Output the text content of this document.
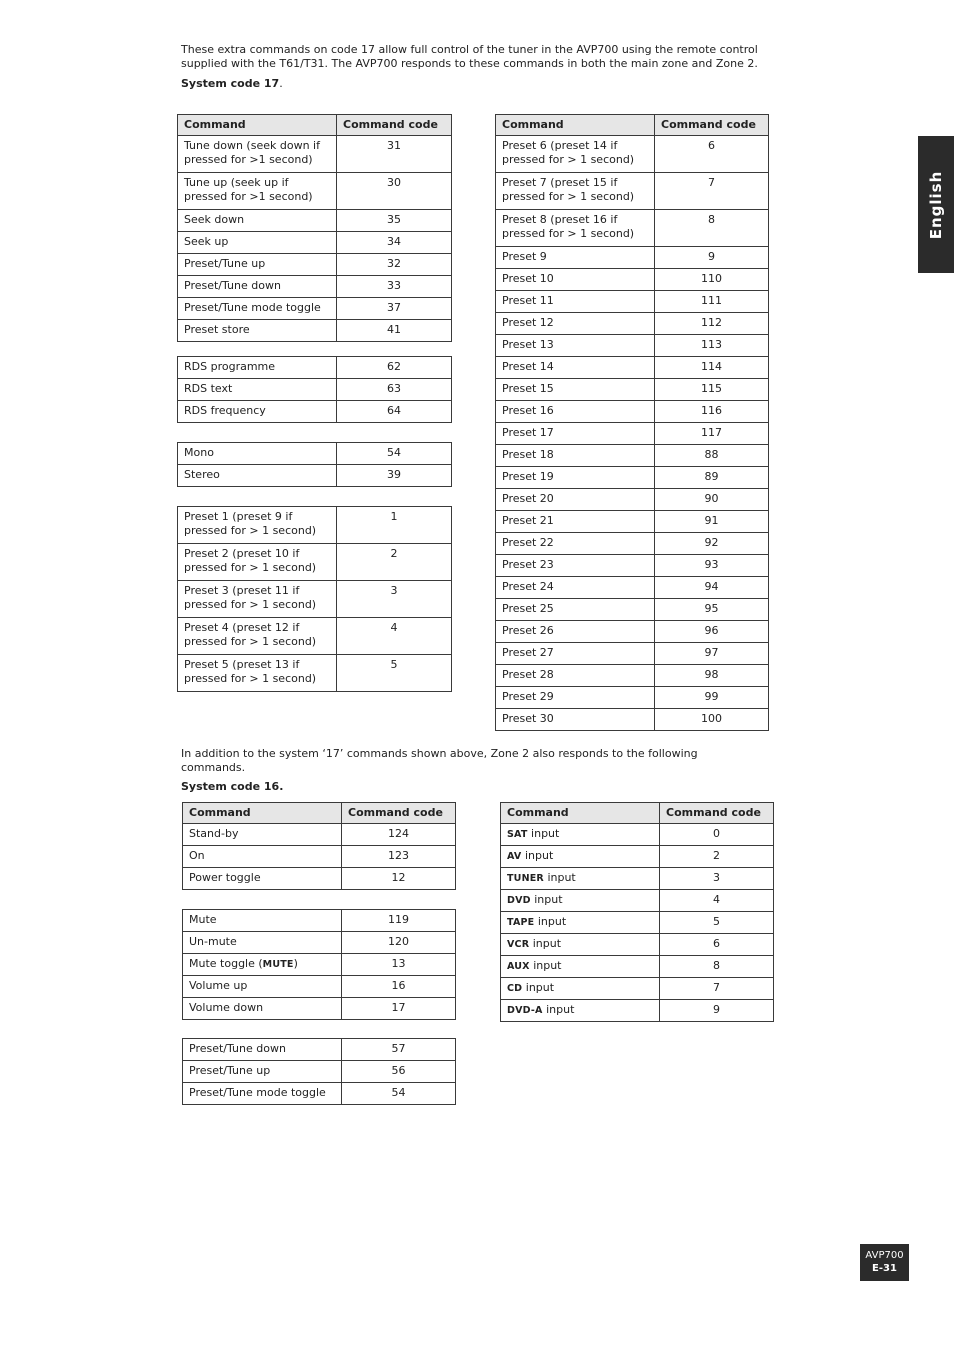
These extra commands on code 17 allow full control of the tuner in the AVP700 using the remote control supplied with the T61/T31. The AVP700 responds to these commands in both the main zone and Zone 2.

System code 17.

Command	Command code
Tune down (seek down if pressed for >1 second)	31
Tune up (seek up if pressed for >1 second)	30
Seek down	35
Seek up	34
Preset/Tune up	32
Preset/Tune down	33
Preset/Tune mode toggle	37
Preset store	41
RDS programme	62
RDS text	63
RDS frequency	64
Mono	54
Stereo	39
Preset 1 (preset 9 if pressed for > 1 second)	1
Preset 2 (preset 10 if pressed for > 1 second)	2
Preset 3 (preset 11 if pressed for > 1 second)	3
Preset 4 (preset 12 if pressed for > 1 second)	4
Preset 5 (preset 13 if pressed for > 1 second)	5
Command	Command code
Preset 6 (preset 14 if pressed for > 1 second)	6
Preset 7 (preset 15 if pressed for > 1 second)	7
Preset 8 (preset 16 if pressed for > 1 second)	8
Preset 9	9
Preset 10	110
Preset 11	111
Preset 12	112
Preset 13	113
Preset 14	114
Preset 15	115
Preset 16	116
Preset 17	117
Preset 18	88
Preset 19	89
Preset 20	90
Preset 21	91
Preset 22	92
Preset 23	93
Preset 24	94
Preset 25	95
Preset 26	96
Preset 27	97
Preset 28	98
Preset 29	99
Preset 30	100

In addition to the system ‘17’ commands shown above, Zone 2 also responds to the following commands.

System code 16.

Command	Command code
Stand-by	124
On	123
Power toggle	12
Mute	119
Un-mute	120
Mute toggle (MUTE)	13
Volume up	16
Volume down	17
Preset/Tune down	57
Preset/Tune up	56
Preset/Tune mode toggle	54
Command	Command code
SAT input	0
AV input	2
TUNER input	3
DVD input	4
TAPE input	5
VCR input	6
AUX input	8
CD input	7
DVD-A input	9
English
AVP700
E-31
